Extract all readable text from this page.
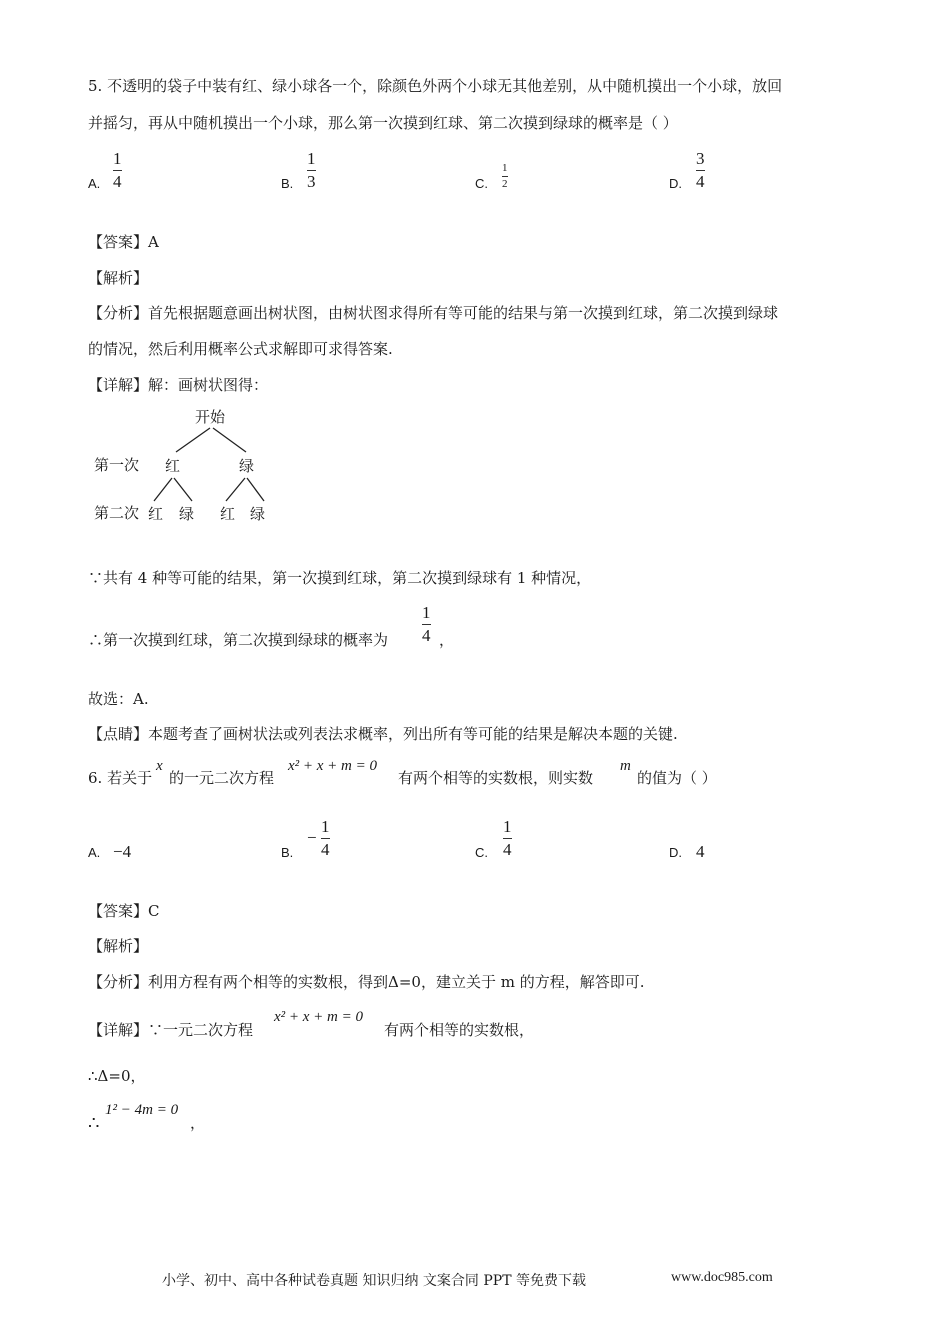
5. 不透明的袋子中装有红、绿小球各一个，除颜色外两个小球无其他差别，从中随机摸出一个小球，放回
并摇匀，再从中随机摸出一个小球，那么第一次摸到红球、第二次摸到绿球的概率是（ ）
A.
1
4	B.
1
3	C.
1
2	D.
3
4
【答案】A
【解析】
【分析】首先根据题意画出树状图，由树状图求得所有等可能的结果与第一次摸到红球，第二次摸到绿球
的情况，然后利用概率公式求解即可求得答案.
【详解】解：画树状图得：
开始
第一次 红	绿
第二次 红 绿 红 绿
∵共有 4 种等可能的结果，第一次摸到红球，第二次摸到绿球有 1 种情况，
∴第一次摸到红球，第二次摸到绿球的概率为
1
4 ，
故选：A.
【点睛】本题考查了画树状法或列表法求概率，列出所有等可能的结果是解决本题的关键.
6. 若关于
x
的一元二次方程
x² + x + m = 0
有两个相等的实数根，则实数
m
的值为（ ）
A. −4	B.
−
1
4	C.
1
4	D. 4
【答案】C
【解析】
【分析】利用方程有两个相等的实数根，得到Δ=0，建立关于 m 的方程，解答即可.
【详解】∵一元二次方程
x² + x + m = 0
有两个相等的实数根，
∴Δ=0，
∴
1² − 4m = 0
，
小学、初中、高中各种试卷真题 知识归纳 文案合同 PPT 等免费下载	www.doc985.com
